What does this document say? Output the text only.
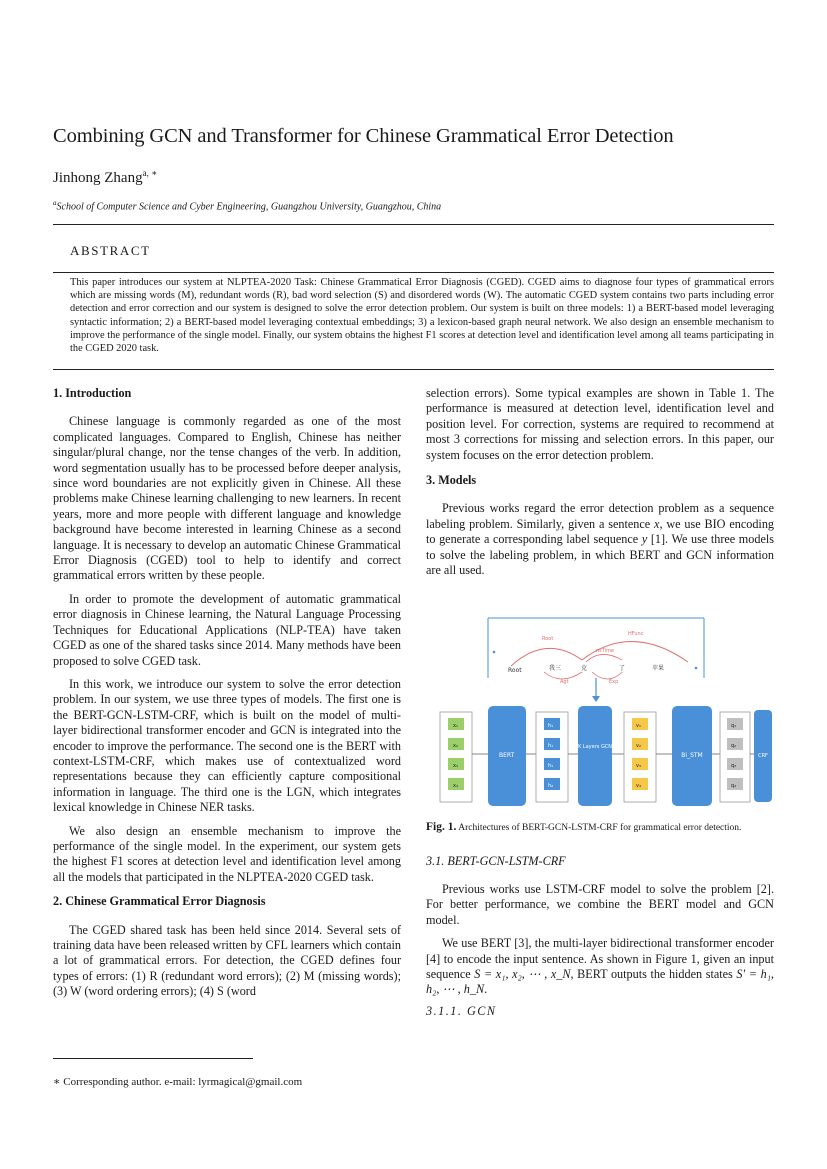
Combining GCN and Transformer for Chinese Grammatical Error Detection
Jinhong Zhang$^{a, ∗}$
$^a$School of Computer Science and Cyber Engineering, Guangzhou University, Guangzhou, China
ABSTRACT
This paper introduces our system at NLPTEA-2020 Task: Chinese Grammatical Error Diagnosis (CGED). CGED aims to diagnose four types of grammatical errors which are missing words (M), redundant words (R), bad word selection (S) and disordered words (W). The automatic CGED system contains two parts including error detection and error correction and our system is designed to solve the error detection problem. Our system is built on three models: 1) a BERT-based model leveraging syntactic information; 2) a BERT-based model leveraging contextual embeddings; 3) a lexicon-based graph neural network. We also design an ensemble mechanism to improve the performance of the single model. Finally, our system obtains the highest F1 scores at detection level and identification level among all teams participating in the CGED 2020 task.
1. Introduction

Chinese language is commonly regarded as one of the most complicated languages. Compared to English, Chinese has neither singular/plural change, nor the tense changes of the verb. In addition, word segmentation usually has to be processed before deeper analysis, since word boundaries are not explicitly given in Chinese. All these problems make Chinese learning challenging to new learners. In recent years, more and more people with different language and knowledge background have become interested in learning Chinese as a second language. It is necessary to develop an automatic Chinese Grammatical Error Diagnosis (CGED) tool to help to identify and correct grammatical errors written by these people.

In order to promote the development of automatic grammatical error diagnosis in Chinese learning, the Natural Language Processing Techniques for Educational Applications (NLP-TEA) have taken CGED as one of the shared tasks since 2014. Many methods have been proposed to solve CGED task.

In this work, we introduce our system to solve the error detection problem. In our system, we use three types of models. The first one is the BERT-GCN-LSTM-CRF, which is built on the model of multi-layer bidirectional transformer encoder and GCN is integrated into the encoder to improve the performance. The second one is the BERT with context-LSTM-CRF, which makes use of contextualized word representations because they can efficiently capture compositional information in language. The third one is the LGN, which integrates lexical knowledge in Chinese NER tasks.

We also design an ensemble mechanism to improve the performance of the single model. In the experiment, our system gets the highest F1 scores at detection level and identification level among all the models that participated in the NLPTEA-2020 CGED task.

2. Chinese Grammatical Error Diagnosis

The CGED shared task has been held since 2014. Several sets of training data have been released written by CFL learners which contain a lot of grammatical errors. For detection, the CGED defines four types of errors: (1) R (redundant word errors); (2) M (missing words); (3) W (word ordering errors); (4) S (word

selection errors). Some typical examples are shown in Table 1. The performance is measured at detection level, identification level and position level. For correction, systems are required to recommend at most 3 corrections for missing and selection errors. In this paper, our system focuses on the error detection problem.

3. Models

Previous works regard the error detection problem as a sequence labeling problem. Similarly, given a sentence x, we use BIO encoding to generate a corresponding label sequence y [1]. We use three models to solve the labeling problem, in which BERT and GCN information are all used.

Root
HFunc
nsTime
Agt	Exp
Root	我三	克	了	苹果
x₁
x₂
x₃
x₄
BERT
h₁
h₁
h₁
h₂
K Layers GCN
v₁
v₂
v₃
v₄
Bi_STM
q₁
q₂
q₃
q₄
CRF
Fig. 1. Architectures of BERT-GCN-LSTM-CRF for grammatical error detection.
3.1. BERT-GCN-LSTM-CRF

Previous works use LSTM-CRF model to solve the problem [2]. For better performance, we combine the BERT model and GCN model.

We use BERT [3], the multi-layer bidirectional transformer encoder [4] to encode the input sentence. As shown in Figure 1, given an input sequence S = x₁, x₂, ⋯ , x_N, BERT outputs the hidden states S′ = h₁, h₂, ⋯ , h_N.

3.1.1. GCN
∗ Corresponding author. e-mail: lyrmagical@gmail.com
